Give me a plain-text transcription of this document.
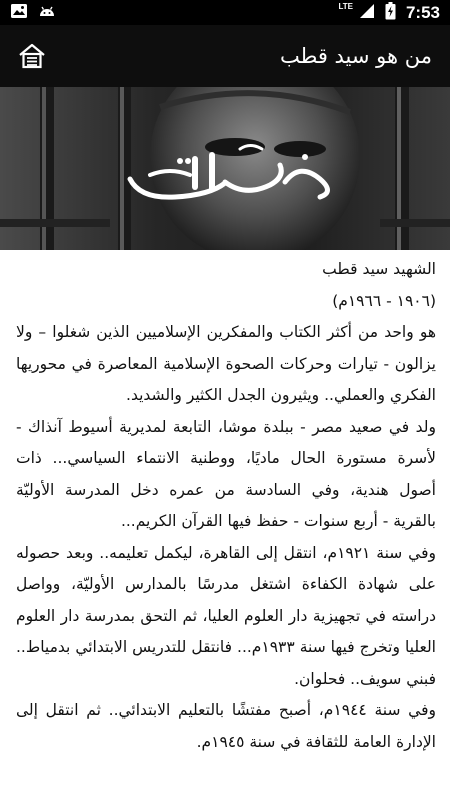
LTE	7:53
من هو سيد قطب

الشهيد سيد قطب

(١٩٠٦ - ١٩٦٦م)

هو واحد من أكثر الكتاب والمفكرين الإسلاميين الذين شغلوا – ولا يزالون - تيارات وحركات الصحوة الإسلامية المعاصرة في محوريها الفكري والعملي.. ويثيرون الجدل الكثير والشديد.

ولد في صعيد مصر - ببلدة موشا، التابعة لمديرية أسيوط آنذاك - لأسرة مستورة الحال ماديًا، ووطنية الانتماء السياسي... ذات أصول هندية، وفي السادسة من عمره دخل المدرسة الأوليّة بالقرية - أربع سنوات - حفظ فيها القرآن الكريم...

وفي سنة ١٩٢١م، انتقل إلى القاهرة، ليكمل تعليمه.. وبعد حصوله على شهادة الكفاءة اشتغل مدرسًا بالمدارس الأوليّة، وواصل دراسته في تجهيزية دار العلوم العليا، ثم التحق بمدرسة دار العلوم العليا وتخرج فيها سنة ١٩٣٣م... فانتقل للتدريس الابتدائي بدمياط.. فبني سويف.. فحلوان.

وفي سنة ١٩٤٤م، أصبح مفتشًا بالتعليم الابتدائي.. ثم انتقل إلى الإدارة العامة للثقافة في سنة ١٩٤٥م.
